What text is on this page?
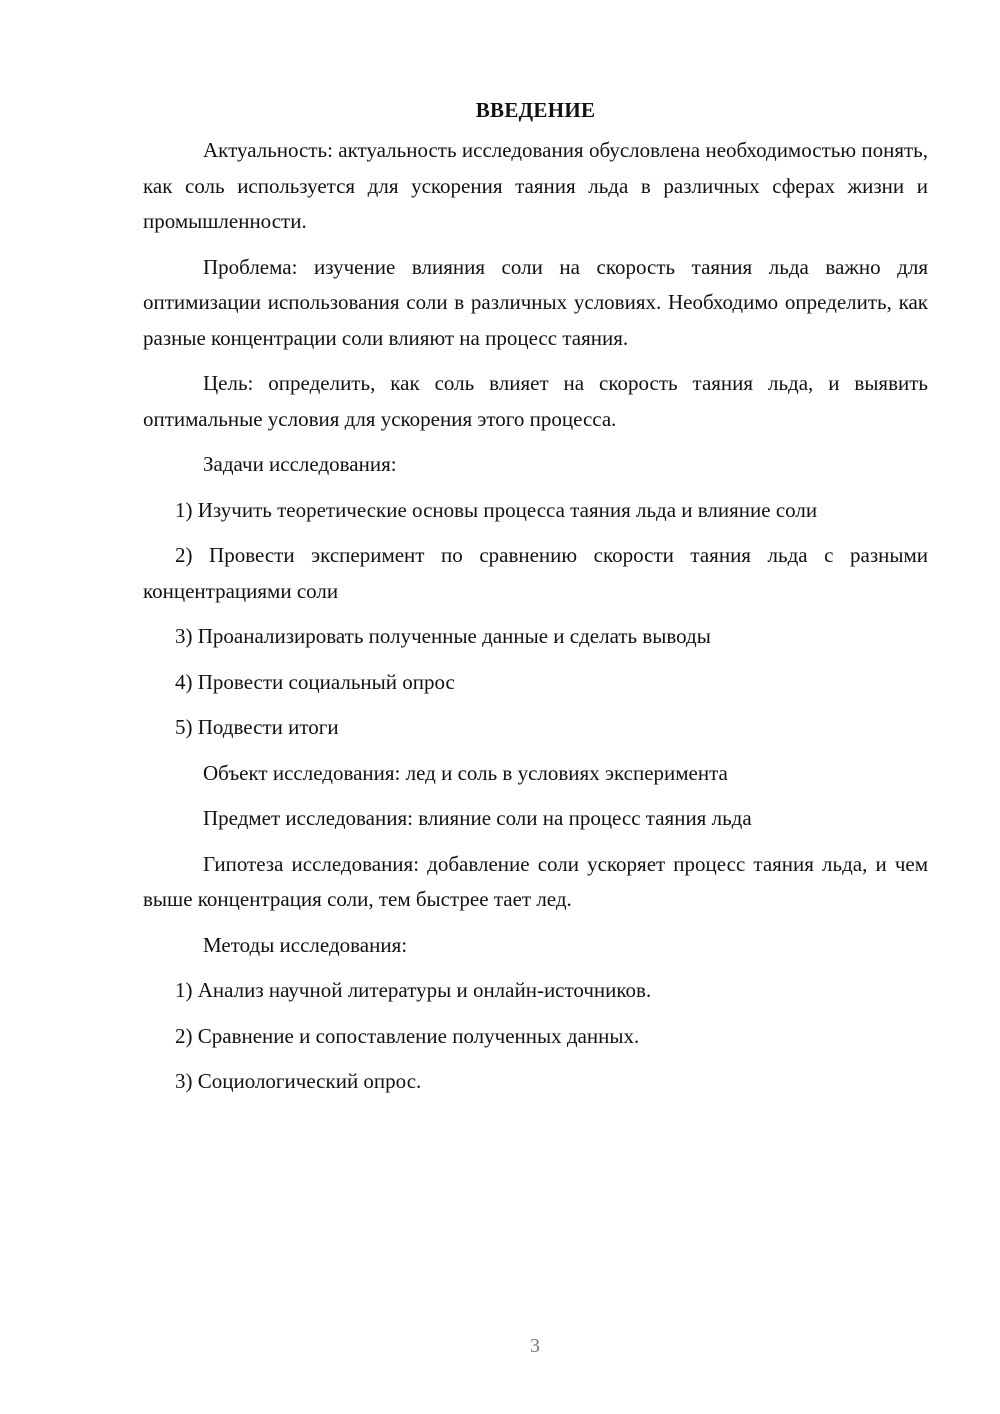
ВВЕДЕНИЕ

Актуальность: актуальность исследования обусловлена необходимостью понять, как соль используется для ускорения таяния льда в различных сферах жизни и промышленности.

Проблема: изучение влияния соли на скорость таяния льда важно для оптимизации использования соли в различных условиях. Необходимо определить, как разные концентрации соли влияют на процесс таяния.

Цель: определить, как соль влияет на скорость таяния льда, и выявить оптимальные условия для ускорения этого процесса.

Задачи исследования:

1) Изучить теоретические основы процесса таяния льда и влияние соли

2) Провести эксперимент по сравнению скорости таяния льда с разными концентрациями соли

3) Проанализировать полученные данные и сделать выводы

4) Провести социальный опрос

5) Подвести итоги

Объект исследования: лед и соль в условиях эксперимента

Предмет исследования: влияние соли на процесс таяния льда

Гипотеза исследования: добавление соли ускоряет процесс таяния льда, и чем выше концентрация соли, тем быстрее тает лед.

Методы исследования:

1) Анализ научной литературы и онлайн-источников.

2) Сравнение и сопоставление полученных данных.

3) Социологический опрос.

3
